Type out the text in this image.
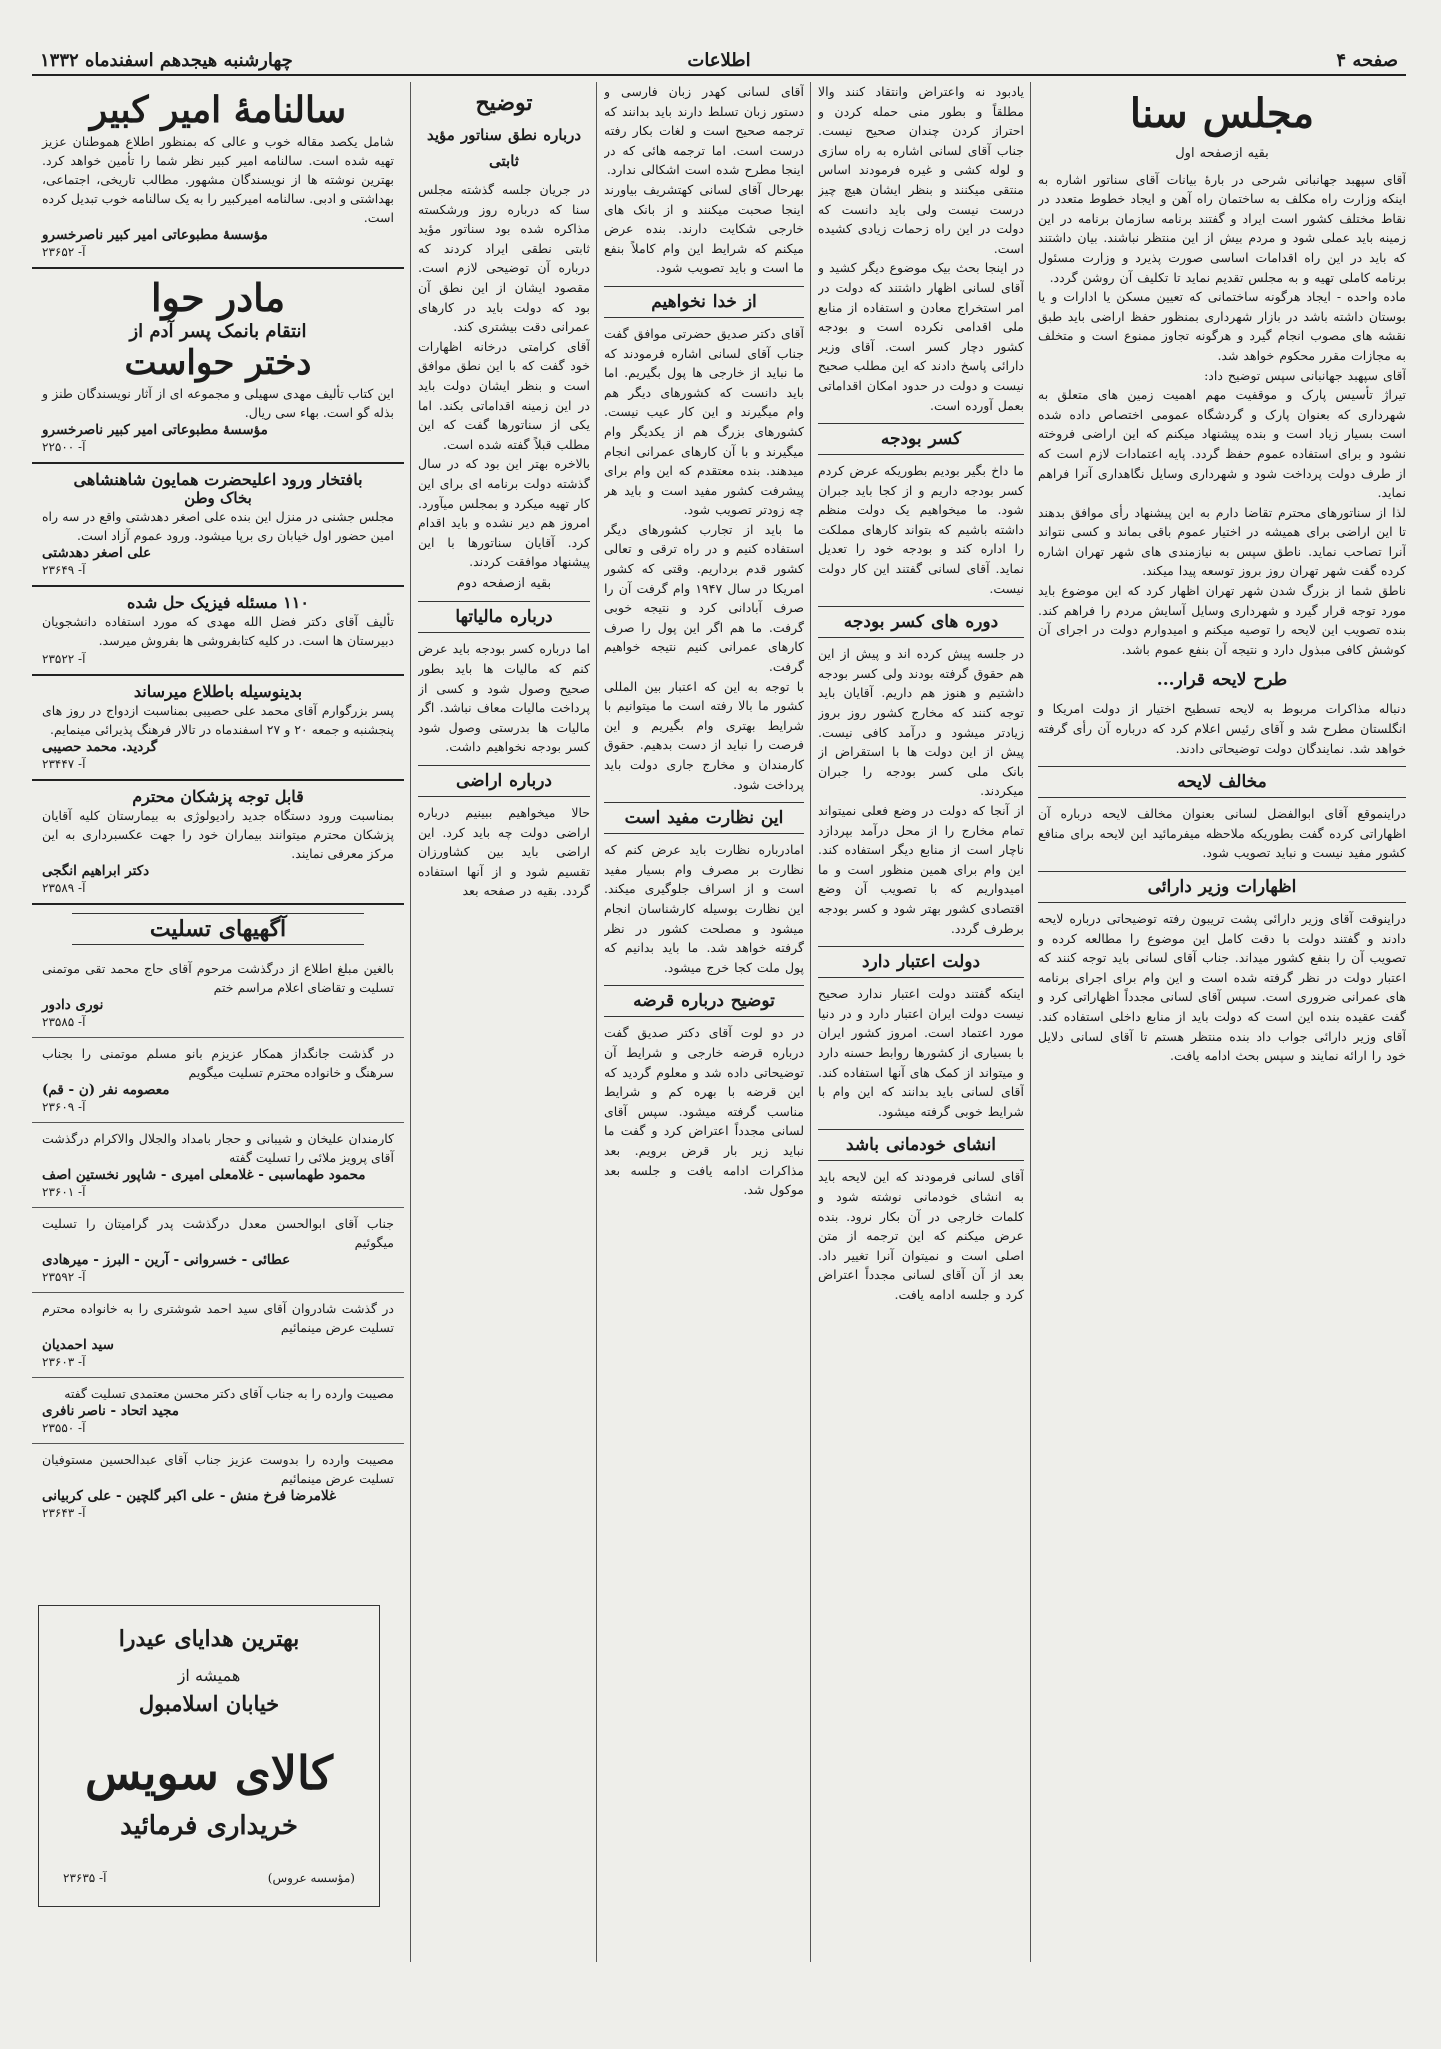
صفحه ۴
اطلاعات
چهارشنبه هیجدهم اسفندماه ۱۳۳۲
مجلس سنا
بقیه ازصفحه اول

آقای سپهبد جهانبانی شرحی در بارهٔ بیانات آقای سناتور اشاره به اینکه وزارت راه مکلف به ساختمان راه آهن و ایجاد خطوط متعدد در نقاط مختلف کشور است ایراد و گفتند برنامه سازمان برنامه در این زمینه باید عملی شود و مردم بیش از این منتظر نباشند. بیان داشتند که باید در این راه اقدامات اساسی صورت پذیرد و وزارت مسئول برنامه کاملی تهیه و به مجلس تقدیم نماید تا تکلیف آن روشن گردد.

ماده واحده - ایجاد هرگونه ساختمانی که تعیین مسکن یا ادارات و یا بوستان داشته باشد در بازار شهرداری بمنظور حفظ اراضی باید طبق نقشه های مصوب انجام گیرد و هرگونه تجاوز ممنوع است و متخلف به مجازات مقرر محکوم خواهد شد.

آقای سپهبد جهانبانی سپس توضیح داد:

تیراژ تأسیس پارک و موقفیت مهم اهمیت زمین های متعلق به شهرداری که بعنوان پارک و گردشگاه عمومی اختصاص داده شده است بسیار زیاد است و بنده پیشنهاد میکنم که این اراضی فروخته نشود و برای استفاده عموم حفظ گردد. پایه اعتمادات لازم است که از طرف دولت پرداخت شود و شهرداری وسایل نگاهداری آنرا فراهم نماید.

لذا از سناتورهای محترم تقاضا دارم به این پیشنهاد رأی موافق بدهند تا این اراضی برای همیشه در اختیار عموم باقی بماند و کسی نتواند آنرا تصاحب نماید. ناطق سپس به نیازمندی های شهر تهران اشاره کرده گفت شهر تهران روز بروز توسعه پیدا میکند.

ناطق شما از بزرگ شدن شهر تهران اظهار کرد که این موضوع باید مورد توجه قرار گیرد و شهرداری وسایل آسایش مردم را فراهم کند. بنده تصویب این لایحه را توصیه میکنم و امیدوارم دولت در اجرای آن کوشش کافی مبذول دارد و نتیجه آن بنفع عموم باشد.

طرح لایحه قرار...

دنباله مذاکرات مربوط به لایحه تسطیح اختیار از دولت امریکا و انگلستان مطرح شد و آقای رئیس اعلام کرد که درباره آن رأی گرفته خواهد شد. نمایندگان دولت توضیحاتی دادند.

مخالف لایحه

دراینموقع آقای ابوالفضل لسانی بعنوان مخالف لایحه درباره آن اظهاراتی کرده گفت بطوریکه ملاحظه میفرمائید این لایحه برای منافع کشور مفید نیست و نباید تصویب شود.

اظهارات وزیر دارائی

دراینوقت آقای وزیر دارائی پشت تریبون رفته توضیحاتی درباره لایحه دادند و گفتند دولت با دقت کامل این موضوع را مطالعه کرده و تصویب آن را بنفع کشور میداند. جناب آقای لسانی باید توجه کنند که اعتبار دولت در نظر گرفته شده است و این وام برای اجرای برنامه های عمرانی ضروری است. سپس آقای لسانی مجدداً اظهاراتی کرد و گفت عقیده بنده این است که دولت باید از منابع داخلی استفاده کند. آقای وزیر دارائی جواب داد بنده منتظر هستم تا آقای لسانی دلایل خود را ارائه نمایند و سپس بحث ادامه یافت.

یادبود نه واعتراض وانتقاد کنند والا مطلقاً و بطور منی حمله کردن و احتراز کردن چندان صحیح نیست. جناب آقای لسانی اشاره به راه سازی و لوله کشی و غیره فرمودند اساس منتقی میکنند و بنظر ایشان هیچ چیز درست نیست ولی باید دانست که دولت در این راه زحمات زیادی کشیده است.

در اینجا بحث بیک موضوع دیگر کشید و آقای لسانی اظهار داشتند که دولت در امر استخراج معادن و استفاده از منابع ملی اقدامی نکرده است و بودجه کشور دچار کسر است. آقای وزیر دارائی پاسخ دادند که این مطلب صحیح نیست و دولت در حدود امکان اقداماتی بعمل آورده است.

کسر بودجه

ما داخ بگیر بودیم بطوریکه عرض کردم کسر بودجه داریم و از کجا باید جبران شود. ما میخواهیم یک دولت منظم داشته باشیم که بتواند کارهای مملکت را اداره کند و بودجه خود را تعدیل نماید. آقای لسانی گفتند این کار دولت نیست.

دوره های کسر بودجه

در جلسه پیش کرده اند و پیش از این هم حقوق گرفته بودند ولی کسر بودجه داشتیم و هنوز هم داریم. آقایان باید توجه کنند که مخارج کشور روز بروز زیادتر میشود و درآمد کافی نیست. پیش از این دولت ها با استقراض از بانک ملی کسر بودجه را جبران میکردند.

از آنجا که دولت در وضع فعلی نمیتواند تمام مخارج را از محل درآمد بپردازد ناچار است از منابع دیگر استفاده کند. این وام برای همین منظور است و ما امیدواریم که با تصویب آن وضع اقتصادی کشور بهتر شود و کسر بودجه برطرف گردد.

دولت اعتبار دارد

اینکه گفتند دولت اعتبار ندارد صحیح نیست دولت ایران اعتبار دارد و در دنیا مورد اعتماد است. امروز کشور ایران با بسیاری از کشورها روابط حسنه دارد و میتواند از کمک های آنها استفاده کند. آقای لسانی باید بدانند که این وام با شرایط خوبی گرفته میشود.

انشای خودمانی باشد

آقای لسانی فرمودند که این لایحه باید به انشای خودمانی نوشته شود و کلمات خارجی در آن بکار نرود. بنده عرض میکنم که این ترجمه از متن اصلی است و نمیتوان آنرا تغییر داد. بعد از آن آقای لسانی مجدداً اعتراض کرد و جلسه ادامه یافت.

آقای لسانی کهدر زبان فارسی و دستور زبان تسلط دارند باید بدانند که ترجمه صحیح است و لغات بکار رفته درست است. اما ترجمه هائی که در اینجا مطرح شده است اشکالی ندارد.

بهرحال آقای لسانی کهتشریف بیاورند اینجا صحبت میکنند و از بانک های خارجی شکایت دارند. بنده عرض میکنم که شرایط این وام کاملاً بنفع ما است و باید تصویب شود.

از خدا نخواهیم

آقای دکتر صدیق حضرتی موافق گفت جناب آقای لسانی اشاره فرمودند که ما نباید از خارجی ها پول بگیریم. اما باید دانست که کشورهای دیگر هم وام میگیرند و این کار عیب نیست. کشورهای بزرگ هم از یکدیگر وام میگیرند و با آن کارهای عمرانی انجام میدهند. بنده معتقدم که این وام برای پیشرفت کشور مفید است و باید هر چه زودتر تصویب شود.

ما باید از تجارب کشورهای دیگر استفاده کنیم و در راه ترقی و تعالی کشور قدم برداریم. وقتی که کشور امریکا در سال ۱۹۴۷ وام گرفت آن را صرف آبادانی کرد و نتیجه خوبی گرفت. ما هم اگر این پول را صرف کارهای عمرانی کنیم نتیجه خواهیم گرفت.

با توجه به این که اعتبار بین المللی کشور ما بالا رفته است ما میتوانیم با شرایط بهتری وام بگیریم و این فرصت را نباید از دست بدهیم. حقوق کارمندان و مخارج جاری دولت باید پرداخت شود.

این نظارت مفید است

امادرباره نظارت باید عرض کنم که نظارت بر مصرف وام بسیار مفید است و از اسراف جلوگیری میکند. این نظارت بوسیله کارشناسان انجام میشود و مصلحت کشور در نظر گرفته خواهد شد. ما باید بدانیم که پول ملت کجا خرج میشود.

توضیح درباره قرضه

در دو لوت آقای دکتر صدیق گفت درباره قرضه خارجی و شرایط آن توضیحاتی داده شد و معلوم گردید که این قرضه با بهره کم و شرایط مناسب گرفته میشود. سپس آقای لسانی مجدداً اعتراض کرد و گفت ما نباید زیر بار قرض برویم. بعد مذاکرات ادامه یافت و جلسه بعد موکول شد.

توضیح
درباره نطق سناتور مؤید ثابتی

در جریان جلسه گذشته مجلس سنا که درباره روز ورشکسته مذاکره شده بود سناتور مؤید ثابتی نطقی ایراد کردند که درباره آن توضیحی لازم است. مقصود ایشان از این نطق آن بود که دولت باید در کارهای عمرانی دقت بیشتری کند.

آقای کرامتی درخانه اظهارات خود گفت که با این نطق موافق است و بنظر ایشان دولت باید در این زمینه اقداماتی بکند. اما یکی از سناتورها گفت که این مطلب قبلاً گفته شده است.

بالاخره بهتر این بود که در سال گذشته دولت برنامه ای برای این کار تهیه میکرد و بمجلس میآورد. امروز هم دیر نشده و باید اقدام کرد. آقایان سناتورها با این پیشنهاد موافقت کردند.

بقیه ازصفحه دوم
درباره مالیاتها

اما درباره کسر بودجه باید عرض کنم که مالیات ها باید بطور صحیح وصول شود و کسی از پرداخت مالیات معاف نباشد. اگر مالیات ها بدرستی وصول شود کسر بودجه نخواهیم داشت.

درباره اراضی

حالا میخواهیم ببینیم درباره اراضی دولت چه باید کرد. این اراضی باید بین کشاورزان تقسیم شود و از آنها استفاده گردد. بقیه در صفحه بعد

سالنامهٔ امیر کبیر
شامل یکصد مقاله خوب و عالی که بمنظور اطلاع هموطنان عزیز تهیه شده است. سالنامه امیر کبیر نظر شما را تأمین خواهد کرد. بهترین نوشته ها از نویسندگان مشهور. مطالب تاریخی، اجتماعی، بهداشتی و ادبی. سالنامه امیرکبیر را به یک سالنامه خوب تبدیل کرده است.
مؤسسهٔ مطبوعاتی امیر کبیر ناصرخسرو
آ- ۲۳۶۵۲
مادر حوا
انتقام بانمک پسر آدم از
دختر حواست
این کتاب تألیف مهدی سهیلی و مجموعه ای از آثار نویسندگان طنز و بذله گو است. بهاء سی ریال.
مؤسسهٔ مطبوعاتی امیر کبیر ناصرخسرو
آ- ۲۲۵۰۰
بافتخار ورود اعلیحضرت همایون شاهنشاهی
بخاک وطن
مجلس جشنی در منزل این بنده علی اصغر دهدشتی واقع در سه راه امین حضور اول خیابان ری برپا میشود. ورود عموم آزاد است.
علی اصغر دهدشتی
آ- ۲۳۶۴۹
۱۱۰ مسئله فیزیک حل شده
تألیف آقای دکتر فضل الله مهدی که مورد استفاده دانشجویان دبیرستان ها است. در کلیه کتابفروشی ها بفروش میرسد.
آ- ۲۳۵۲۲
بدینوسیله باطلاع میرساند
پسر بزرگوارم آقای محمد علی حصیبی بمناسبت ازدواج در روز های پنجشنبه و جمعه ۲۰ و ۲۷ اسفندماه در تالار فرهنگ پذیرائی مینمایم.
گردید. محمد حصیبی
آ- ۲۳۴۴۷
قابل توجه پزشکان محترم
بمناسبت ورود دستگاه جدید رادیولوژی به بیمارستان کلیه آقایان پزشکان محترم میتوانند بیماران خود را جهت عکسبرداری به این مرکز معرفی نمایند.
دکتر ابراهیم انگجی
آ- ۲۳۵۸۹
آگهیهای تسلیت
بالغین مبلغ اطلاع از درگذشت مرحوم آقای حاج محمد تقی موتمنی تسلیت و تقاضای اعلام مراسم ختم
نوری دادور
آ- ۲۳۵۸۵
در گذشت جانگداز همکار عزیزم بانو مسلم موتمنی را بجناب سرهنگ و خانواده محترم تسلیت میگویم
معصومه نفر (ن - قم)
آ- ۲۳۶۰۹
کارمندان علیخان و شیبانی و حجار بامداد والجلال والاکرام درگذشت آقای پرویز ملائی را تسلیت گفته
محمود طهماسبی - غلامعلی امیری - شاپور نخستین اصف
آ- ۲۳۶۰۱
جناب آقای ابوالحسن معدل درگذشت پدر گرامیتان را تسلیت میگوئیم
عطائی - خسروانی - آرین - البرز - میرهادی
آ- ۲۳۵۹۲
در گذشت شادروان آقای سید احمد شوشتری را به خانواده محترم تسلیت عرض مینمائیم
سید احمدیان
آ- ۲۳۶۰۳
مصیبت وارده را به جناب آقای دکتر محسن معتمدی تسلیت گفته
مجید اتحاد - ناصر نافری
آ- ۲۳۵۵۰
مصیبت وارده را بدوست عزیز جناب آقای عبدالحسین مستوفیان تسلیت عرض مینمائیم
غلامرضا فرخ منش - علی اکبر گلچین - علی کربیانی
آ- ۲۳۶۴۳
بهترین هدایای عیدرا
همیشه از
خیابان اسلامبول
کالای سویس
خریداری فرمائید
آ- ۲۳۶۳۵	(مؤسسه عروس)
